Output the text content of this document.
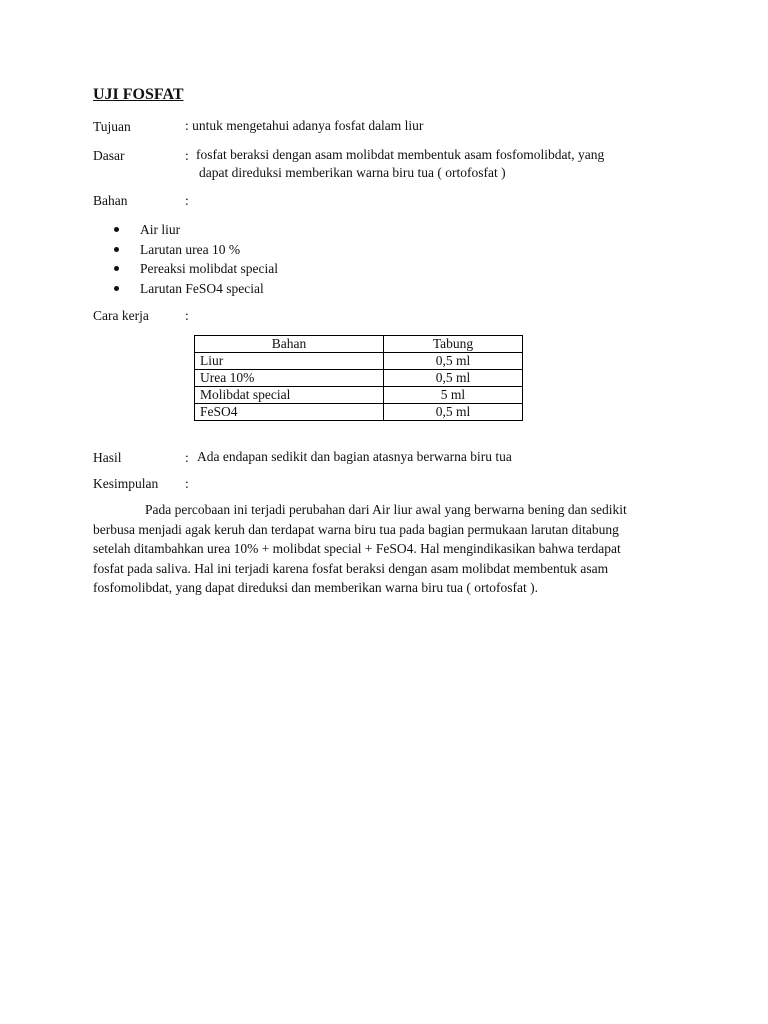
UJI FOSFAT
Tujuan	: untuk mengetahui adanya fosfat dalam liur
Dasar	: fosfat beraksi dengan asam molibdat membentuk asam fosfomolibdat, yang
dapat direduksi memberikan warna biru tua ( ortofosfat )
Bahan	:
Air liur
Larutan urea 10 %
Pereaksi molibdat special
Larutan FeSO4 special
Cara kerja	:
Bahan	Tabung
Liur	0,5 ml
Urea 10%	0,5 ml
Molibdat special	5 ml
FeSO4	0,5 ml
Hasil	: Ada endapan sedikit dan bagian atasnya berwarna biru tua
Kesimpulan :
Pada percobaan ini terjadi perubahan dari Air liur awal yang berwarna bening dan sedikit
berbusa menjadi agak keruh dan terdapat warna biru tua pada bagian permukaan larutan ditabung
setelah ditambahkan urea 10% + molibdat special + FeSO4. Hal mengindikasikan bahwa terdapat
fosfat pada saliva. Hal ini terjadi karena fosfat beraksi dengan asam molibdat membentuk asam
fosfomolibdat, yang dapat direduksi dan memberikan warna biru tua ( ortofosfat ).
